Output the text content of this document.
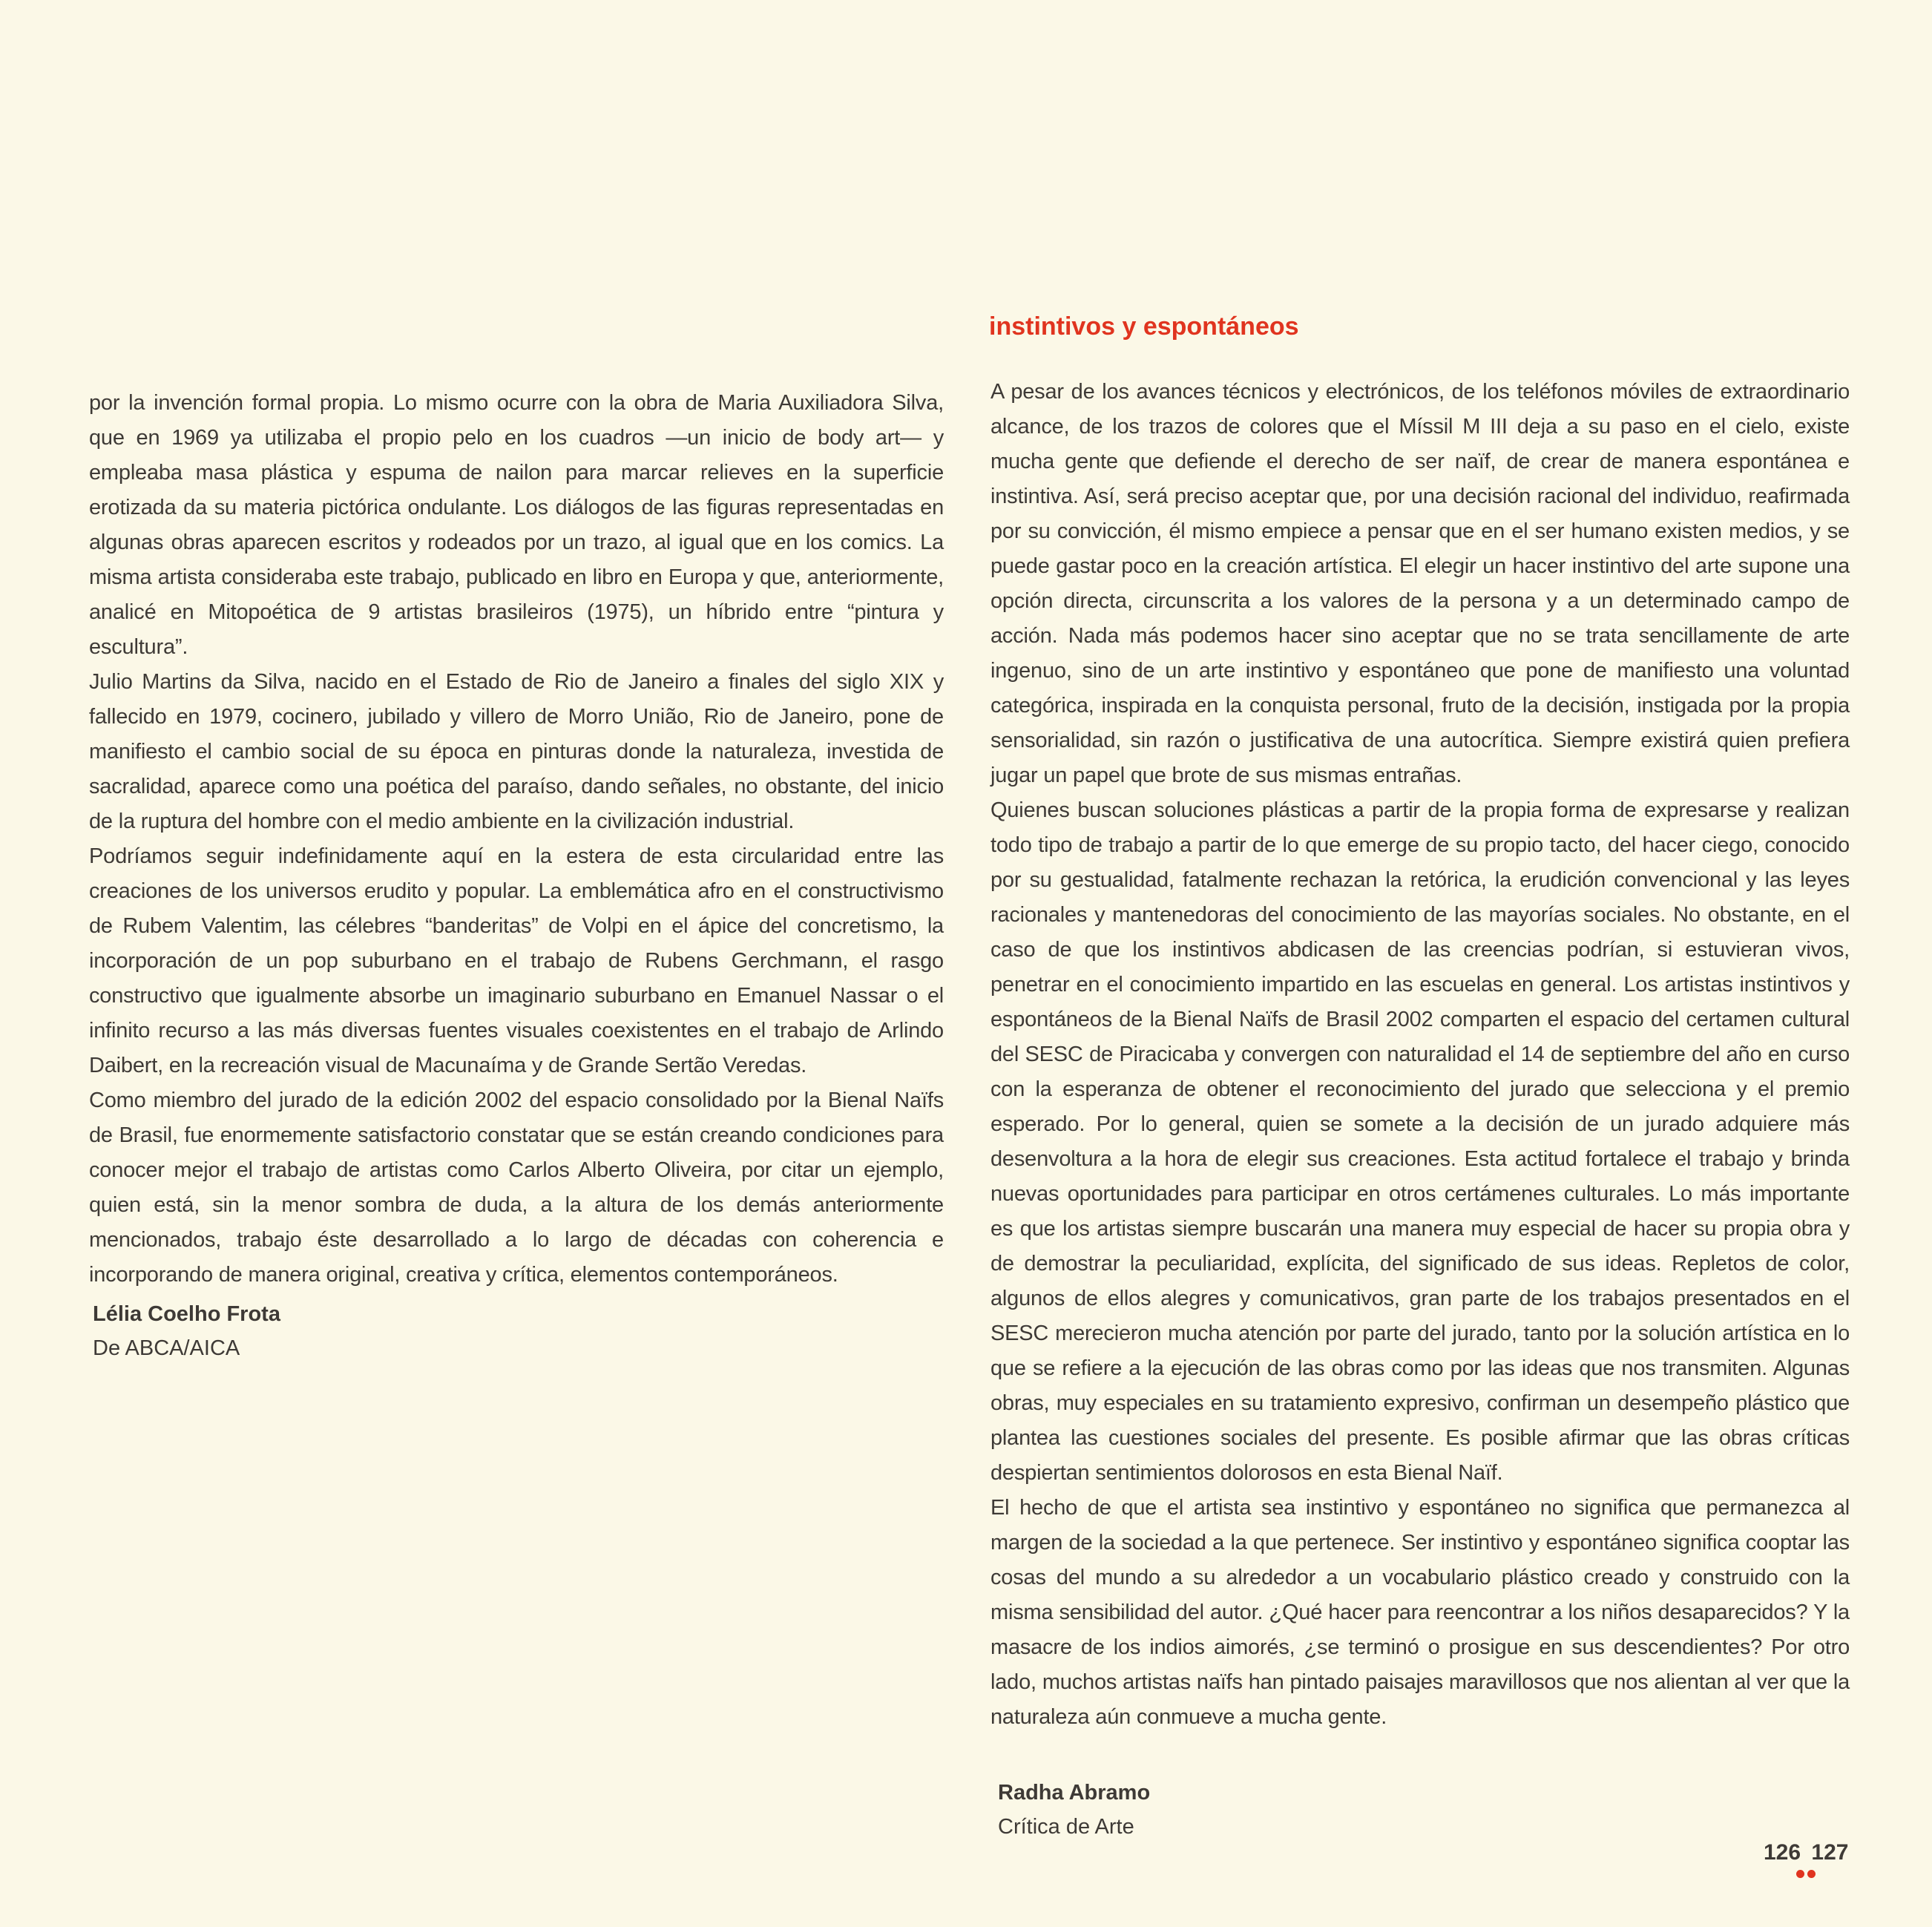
por la invención formal propia. Lo mismo ocurre con la obra de Maria Auxiliadora Silva, que en 1969 ya utilizaba el propio pelo en los cuadros —un inicio de body art— y empleaba masa plástica y espuma de nailon para marcar relieves en la superficie erotizada da su materia pictórica ondulante. Los diálogos de las figuras representadas en algunas obras aparecen escritos y rodeados por un trazo, al igual que en los comics. La misma artista consideraba este trabajo, publicado en libro en Europa y que, anteriormente, analicé en Mitopoética de 9 artistas brasileiros (1975), un híbrido entre “pintura y escultura”.

Julio Martins da Silva, nacido en el Estado de Rio de Janeiro a finales del siglo XIX y fallecido en 1979, cocinero, jubilado y villero de Morro União, Rio de Janeiro, pone de manifiesto el cambio social de su época en pinturas donde la naturaleza, investida de sacralidad, aparece como una poética del paraíso, dando señales, no obstante, del inicio de la ruptura del hombre con el medio ambiente en la civilización industrial.

Podríamos seguir indefinidamente aquí en la estera de esta circularidad entre las creaciones de los universos erudito y popular. La emblemática afro en el constructivismo de Rubem Valentim, las célebres “banderitas” de Volpi en el ápice del concretismo, la incorporación de un pop suburbano en el trabajo de Rubens Gerchmann, el rasgo constructivo que igualmente absorbe un imaginario suburbano en Emanuel Nassar o el infinito recurso a las más diversas fuentes visuales coexistentes en el trabajo de Arlindo Daibert, en la recreación visual de Macunaíma y de Grande Sertão Veredas.

Como miembro del jurado de la edición 2002 del espacio consolidado por la Bienal Naïfs de Brasil, fue enormemente satisfactorio constatar que se están creando condiciones para conocer mejor el trabajo de artistas como Carlos Alberto Oliveira, por citar un ejemplo, quien está, sin la menor sombra de duda, a la altura de los demás anteriormente mencionados, trabajo éste desarrollado a lo largo de décadas con coherencia e incorporando de manera original, creativa y crítica, elementos contemporáneos.

Lélia Coelho Frota
De ABCA/AICA
instintivos y espontáneos

A pesar de los avances técnicos y electrónicos, de los teléfonos móviles de extraordinario alcance, de los trazos de colores que el Míssil M III deja a su paso en el cielo, existe mucha gente que defiende el derecho de ser naïf, de crear de manera espontánea e instintiva. Así, será preciso aceptar que, por una decisión racional del individuo, reafirmada por su convicción, él mismo empiece a pensar que en el ser humano existen medios, y se puede gastar poco en la creación artística. El elegir un hacer instintivo del arte supone una opción directa, circunscrita a los valores de la persona y a un determinado campo de acción. Nada más podemos hacer sino aceptar que no se trata sencillamente de arte ingenuo, sino de un arte instintivo y espontáneo que pone de manifiesto una voluntad categórica, inspirada en la conquista personal, fruto de la decisión, instigada por la propia sensorialidad, sin razón o justificativa de una autocrítica. Siempre existirá quien prefiera jugar un papel que brote de sus mismas entrañas.

Quienes buscan soluciones plásticas a partir de la propia forma de expresarse y realizan todo tipo de trabajo a partir de lo que emerge de su propio tacto, del hacer ciego, conocido por su gestualidad, fatalmente rechazan la retórica, la erudición convencional y las leyes racionales y mantenedoras del conocimiento de las mayorías sociales. No obstante, en el caso de que los instintivos abdicasen de las creencias podrían, si estuvieran vivos, penetrar en el conocimiento impartido en las escuelas en general. Los artistas instintivos y espontáneos de la Bienal Naïfs de Brasil 2002 comparten el espacio del certamen cultural del SESC de Piracicaba y convergen con naturalidad el 14 de septiembre del año en curso con la esperanza de obtener el reconocimiento del jurado que selecciona y el premio esperado. Por lo general, quien se somete a la decisión de un jurado adquiere más desenvoltura a la hora de elegir sus creaciones. Esta actitud fortalece el trabajo y brinda nuevas oportunidades para participar en otros certámenes culturales. Lo más importante es que los artistas siempre buscarán una manera muy especial de hacer su propia obra y de demostrar la peculiaridad, explícita, del significado de sus ideas. Repletos de color, algunos de ellos alegres y comunicativos, gran parte de los trabajos presentados en el SESC merecieron mucha atención por parte del jurado, tanto por la solución artística en lo que se refiere a la ejecución de las obras como por las ideas que nos transmiten. Algunas obras, muy especiales en su tratamiento expresivo, confirman un desempeño plástico que plantea las cuestiones sociales del presente. Es posible afirmar que las obras críticas despiertan sentimientos dolorosos en esta Bienal Naïf.

El hecho de que el artista sea instintivo y espontáneo no significa que permanezca al margen de la sociedad a la que pertenece. Ser instintivo y espontáneo significa cooptar las cosas del mundo a su alrededor a un vocabulario plástico creado y construido con la misma sensibilidad del autor. ¿Qué hacer para reencontrar a los niños desaparecidos? Y la masacre de los indios aimorés, ¿se terminó o prosigue en sus descendientes? Por otro lado, muchos artistas naïfs han pintado paisajes maravillosos que nos alientan al ver que la naturaleza aún conmueve a mucha gente.

Radha Abramo
Crítica de Arte
126 127
